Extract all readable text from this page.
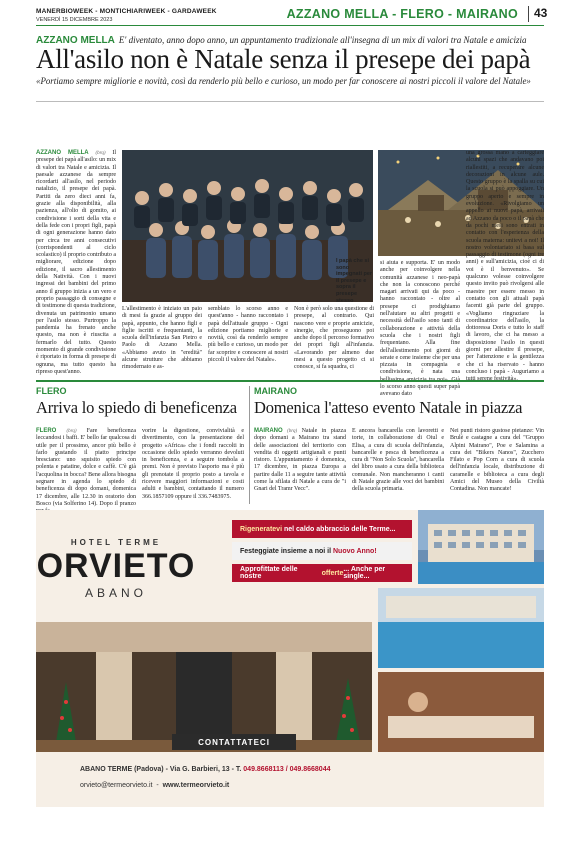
MANERBIOWEEK - MONTICHIARIWEEK - GARDAWEEK
VENERDÌ 15 DICEMBRE 2023	AZZANO MELLA - FLERO - MAIRANO 43
AZZANO MELLA E' diventato, anno dopo anno, un appuntamento tradizionale all'insegna di un mix di valori tra Natale e amicizia
All'asilo non è Natale senza il presepe dei papà
«Portiamo sempre migliorie e novità, così da renderlo più bello e curioso, un modo per far conoscere ai nostri piccoli il valore del Natale»
AZZANO MELLA (brq) Il presepe dei papà all'asilo: un mix di valori tra Natale e amicizia. Il paesale azzanese da sempre ricordarti all'asilo, nel periodo natalizio, il presepe dei papà. Partiti da zero dieci anni fa, grazie alla disponibilità, alla pazienza, all'olio di gomito, ai condivisione i sorti della vita e della fede con i propri figli, papà di ogni generazione hanno dato per circa tre anni consecutivi (corrispondenti al ciclo scolastico) il proprio contributo a migliorare, edizione dopo edizione, il sacro allestimento della Natività. Con i nuovi ingressi dei bambini del primo anno il gruppo inizia a un vero e proprio passaggio di consegne e di testimone di questa tradizione, divenuta un patrimonio umano per l'asilo stesso. Purtroppo la pandemia ha frenato anche questo, ma non è riuscita a fermarlo del tutto. Questo momento di grande condivisione è riportato in forma di presepe di ognuna, ma tutto questo ha ripreso quest'anno.
I papà che si sono impegnati per il presepe e sopra il presepe stesso
L'allestimento è iniziato un paio di mesi fa grazie al gruppo dei papà, appunto, che hanno figli e figlie iscritti e frequentanti, la scuola dell'infanzia San Pietro e Paolo di Azzano Mella. «Abbiamo avuto in "eredità" alcune strutture che abbiamo rimodernato e as-
semblato lo scorso anno e quest'anno - hanno raccontato i papà dell'attuale gruppo - Ogni edizione portiamo migliorie e novità, così da renderlo sempre più bello e curioso, un modo per far scoprire e conoscere ai nostri piccoli il valore del Natale».
Non è però solo una questione di presepe, al contrario. Qui nascono vere e proprie amicizie, sinergie, che proseguono poi anche dopo il percorso formativo dei propri figli all'infanzia. «Lavorando per almeno due mesi a questo progetto ci si conosce, si fa squadra, ci
si aiuta e supporta. E' un modo anche per coinvolgere nella comunità azzanese i neo-papà che non la conoscono perché magari arrivati qui da poco - hanno raccontato - oltre al presepe ci prodighiamo nell'aiutare su altri progetti e necessità dell'asilo sono tanti di collaborazione e attività della scuola che i nostri figli frequentano. Alla fine dell'allestimento poi giorni di serate e cene insieme che per una pizzata in compagnia e condivisione, è nata una lo scorso anno questi super papà avevano dato
una grossa mano a carteggiare alcuni spazi che andavano poi riallestiti, a recuperare alcune decorazioni in alcune aule. Questo gruppo è la spalla su cui la scuola si può appoggiare. Un gruppo aperto e sempre in evoluzione. «Rivolgiamo un appello ai nuovi papà, arrivati ad Azzano da poco o il papà che da pochi mesi sono entrati in contatto con l'esperienza della scuola materna: unitevi a noi! Il nostro volontariato si basa sul passaggio di testimone (ogni tre anni) e sull'amicizia, cioè ci di voi è il benvenuto». Se qualcuno volesse coinvolgere questo invito può rivolgersi alle maestre per essere messo in contatto con gli attuali papà facenti già parte del gruppo. «Vogliamo ringraziare la coordinatrice dell'asilo, la dottoressa Doris e tutto lo staff di lavoro, che ci ha messo a disposizione l'asilo in questi giorni per allestire il presepe, per l'attenzione e la gentilezza che ci ha riservato - hanno concluso i papà - Auguriamo a
FLERO
Arriva lo spiedo di beneficenza
FLERO (brq) Fare beneficenza leccandosi i baffi. E' bello far qualcosa di utile per il prossimo, ancor più bello è farlo gustando il piatto principe bresciano: uno squisito spiedo con polenta e patatine, dolce e caffè. C'è già l'acquolina in bocca? Bene allora bisogna segnare in agenda lo spiedo di beneficenza di dopo domani, domenica 17 dicembre, alle 12.30 in oratorio don Bosco (via Solferino 14). Dopo il pranzo
vorire la digestione, convivialità e divertimento, con la presentazione del progetto «Africa» che i fondi raccolti in occasione dello spiedo verranno devoluti in beneficenza, e a seguire tombola a premi. Non è previsto l'asporto ma è più gli prenotate il proprio posto a tavola e ricevere maggiori informazioni e costi adulti e bambini, contattando il numero 366.1857109 oppure il 336.7483975.
MAIRANO
Domenica l'atteso evento Natale in piazza
MAIRANO (brq) Natale in piazza dopo domani a Mairano tra stand delle associazioni del territorio con vendita di oggetti artigianali e punti ristoro. L'appuntamento è domenica, 17 dicembre, in piazza Europa a partire dalle 11 a seguire tante attività come la sfilata di Natale a cura de "i Gnari del Tramr Vecc".
E ancora bancarella con lavoretti e torte, in collaborazione di Oiul e Elisa, a cura di scuola dell'infanzia, bancarelle e pesca di beneficenza a cura di "Non Solo Scuola", bancarella del libro usato a cura della biblioteca comunale. Non mancheranno i canti di Natale grazie alle voci dei bambini della scuola primaria.
Nei punti ristoro gustose pietanze: Vin Brulè e castagne a cura del "Gruppo Alpini Mairano", Poe e Salamina a cura dei "Bikers Nanos", Zucchero Filato e Pop Corn a cura di scuola dell'infanzia locale, distribuzione di caramelle e biblioteca a cura degli Amici del Museo della Civiltà Contadina. Non mancate!
HOTEL TERME
ORVIETO
ABANO
Rigeneratevi
nel caldo abbraccio delle Terme...
Festeggiate insieme a noi il
Nuovo Anno!
Approfittate delle nostre
	offerte ... Anche per single...
CONTATTATECI
ABANO TERME (Padova) - Via G. Barbieri, 13 - T. 049.8668113 / 049.8668044
orvieto@termeorvieto.it  -  www.termeorvieto.it
